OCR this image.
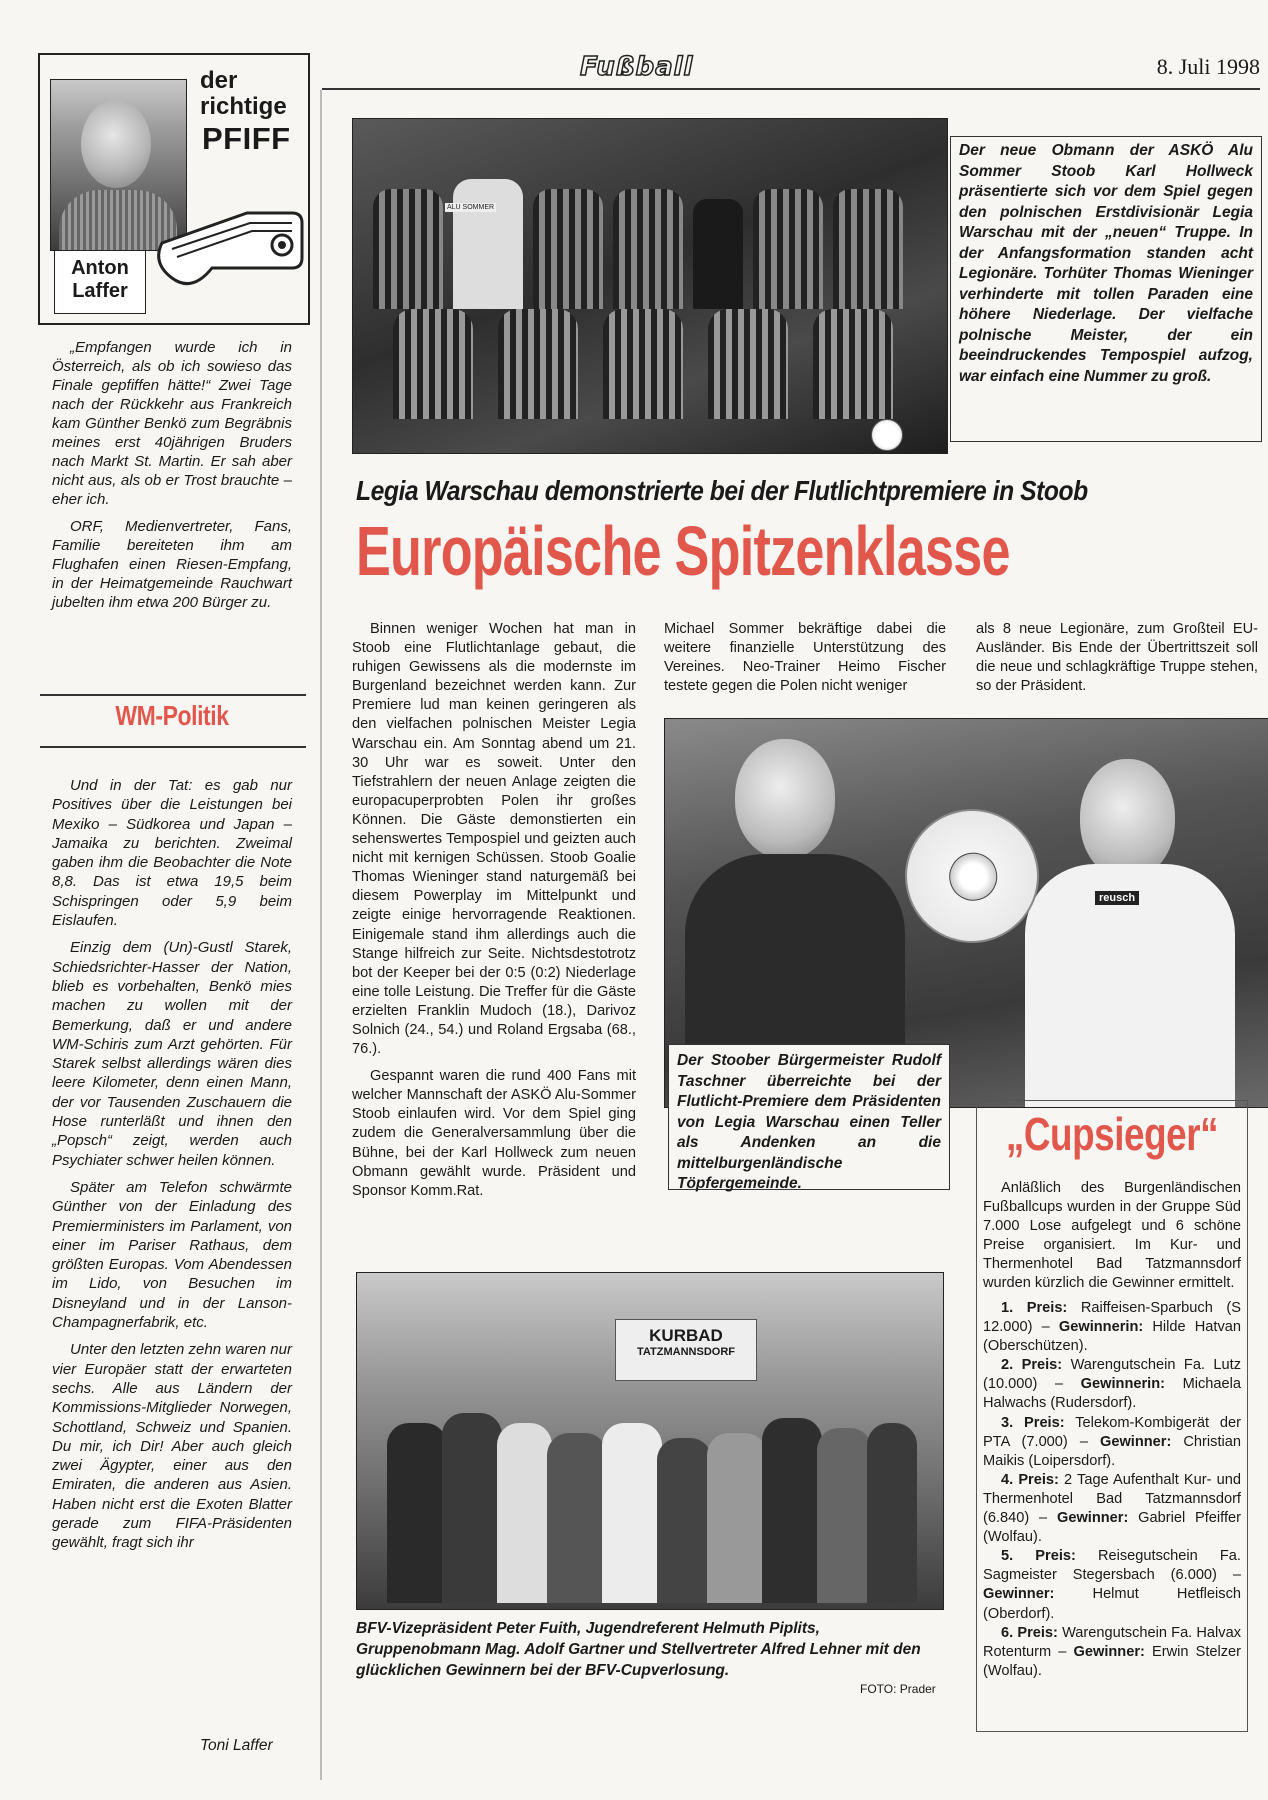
Fußball	8. Juli 1998
der
richtige
PFIFF
Anton
Laffer

„Empfangen wurde ich in Österreich, als ob ich sowieso das Finale gepfiffen hätte!“ Zwei Tage nach der Rückkehr aus Frankreich kam Günther Benkö zum Begräbnis meines erst 40jährigen Bruders nach Markt St. Martin. Er sah aber nicht aus, als ob er Trost brauchte – eher ich.

ORF, Medienvertreter, Fans, Familie bereiteten ihm am Flughafen einen Riesen-Empfang, in der Heimatgemeinde Rauchwart jubelten ihm etwa 200 Bürger zu.

WM-Politik

Und in der Tat: es gab nur Positives über die Leistungen bei Mexiko – Südkorea und Japan – Jamaika zu berichten. Zweimal gaben ihm die Beobachter die Note 8,8. Das ist etwa 19,5 beim Schispringen oder 5,9 beim Eislaufen.

Einzig dem (Un)-Gustl Starek, Schiedsrichter-Hasser der Nation, blieb es vorbehalten, Benkö mies machen zu wollen mit der Bemerkung, daß er und andere WM-Schiris zum Arzt gehörten. Für Starek selbst allerdings wären dies leere Kilometer, denn einen Mann, der vor Tausenden Zuschauern die Hose runterläßt und ihnen den „Popsch“ zeigt, werden auch Psychiater schwer heilen können.

Später am Telefon schwärmte Günther von der Einladung des Premierministers im Parlament, von einer im Pariser Rathaus, dem größten Europas. Vom Abendessen im Lido, von Besuchen im Disneyland und in der Lanson-Champagnerfabrik, etc.

Unter den letzten zehn waren nur vier Europäer statt der erwarteten sechs. Alle aus Ländern der Kommissions-Mitglieder Norwegen, Schottland, Schweiz und Spanien. Du mir, ich Dir! Aber auch gleich zwei Ägypter, einer aus den Emiraten, die anderen aus Asien. Haben nicht erst die Exoten Blatter gerade zum FIFA-Präsidenten gewählt, fragt sich ihr

Toni Laffer
ALU SOMMER
Der neue Obmann der ASKÖ Alu Sommer Stoob Karl Hollweck präsentierte sich vor dem Spiel gegen den polnischen Erstdivisionär Legia Warschau mit der „neuen“ Truppe. In der Anfangsformation standen acht Legionäre. Torhüter Thomas Wieninger verhinderte mit tollen Paraden eine höhere Niederlage. Der vielfache polnische Meister, der ein beeindruckendes Tempospiel aufzog, war einfach eine Nummer zu groß.
Legia Warschau demonstrierte bei der Flutlichtpremiere in Stoob
Europäische Spitzenklasse

Binnen weniger Wochen hat man in Stoob eine Flutlichtanlage gebaut, die ruhigen Gewissens als die modernste im Burgenland bezeichnet werden kann. Zur Premiere lud man keinen geringeren als den vielfachen polnischen Meister Legia Warschau ein. Am Sonntag abend um 21. 30 Uhr war es soweit. Unter den Tiefstrahlern der neuen Anlage zeigten die europacuperprobten Polen ihr großes Können. Die Gäste demonstierten ein sehenswertes Tempospiel und geizten auch nicht mit kernigen Schüssen. Stoob Goalie Thomas Wieninger stand naturgemäß bei diesem Powerplay im Mittelpunkt und zeigte einige hervorragende Reaktionen. Einigemale stand ihm allerdings auch die Stange hilfreich zur Seite. Nichtsdestotrotz bot der Keeper bei der 0:5 (0:2) Niederlage eine tolle Leistung. Die Treffer für die Gäste erzielten Franklin Mudoch (18.), Darivoz Solnich (24., 54.) und Roland Ergsaba (68., 76.).

Gespannt waren die rund 400 Fans mit welcher Mannschaft der ASKÖ Alu-Sommer Stoob einlaufen wird. Vor dem Spiel ging zudem die Generalversammlung über die Bühne, bei der Karl Hollweck zum neuen Obmann gewählt wurde. Präsident und Sponsor Komm.Rat.

Michael Sommer bekräftige dabei die weitere finanzielle Unterstützung des Vereines. Neo-Trainer Heimo Fischer testete gegen die Polen nicht weniger

als 8 neue Legionäre, zum Großteil EU-Ausländer. Bis Ende der Übertrittszeit soll die neue und schlagkräftige Truppe stehen, so der Präsident.

reusch
Der Stoober Bürgermeister Rudolf Taschner überreichte bei der Flutlicht-Premiere dem Präsidenten von Legia Warschau einen Teller als Andenken an die mittelburgenländische Töpfergemeinde.
„Cupsieger“
Anläßlich des Burgenländischen Fußballcups wurden in der Gruppe Süd 7.000 Lose aufgelegt und 6 schöne Preise organisiert. Im Kur- und Thermenhotel Bad Tatzmannsdorf wurden kürzlich die Gewinner ermittelt.
1. Preis: Raiffeisen-Sparbuch (S 12.000) – Gewinnerin: Hilde Hatvan (Oberschützen).
2. Preis: Warengutschein Fa. Lutz (10.000) – Gewinnerin: Michaela Halwachs (Rudersdorf).
3. Preis: Telekom-Kombigerät der PTA (7.000) – Gewinner: Christian Maikis (Loipersdorf).
4. Preis: 2 Tage Aufenthalt Kur- und Thermenhotel Bad Tatzmannsdorf (6.840) – Gewinner: Gabriel Pfeiffer (Wolfau).
5. Preis: Reisegutschein Fa. Sagmeister Stegersbach (6.000) – Gewinner:	Helmut Hetfleisch (Oberdorf).
6. Preis: Warengutschein Fa. Halvax Rotenturm – Gewinner: Erwin Stelzer (Wolfau).
KURBAD
TATZMANNSDORF
BFV-Vizepräsident Peter Fuith, Jugendreferent Helmuth Piplits, Gruppenobmann Mag. Adolf Gartner und Stellvertreter Alfred Lehner mit den glücklichen Gewinnern bei der BFV-Cupverlosung.
FOTO: Prader
